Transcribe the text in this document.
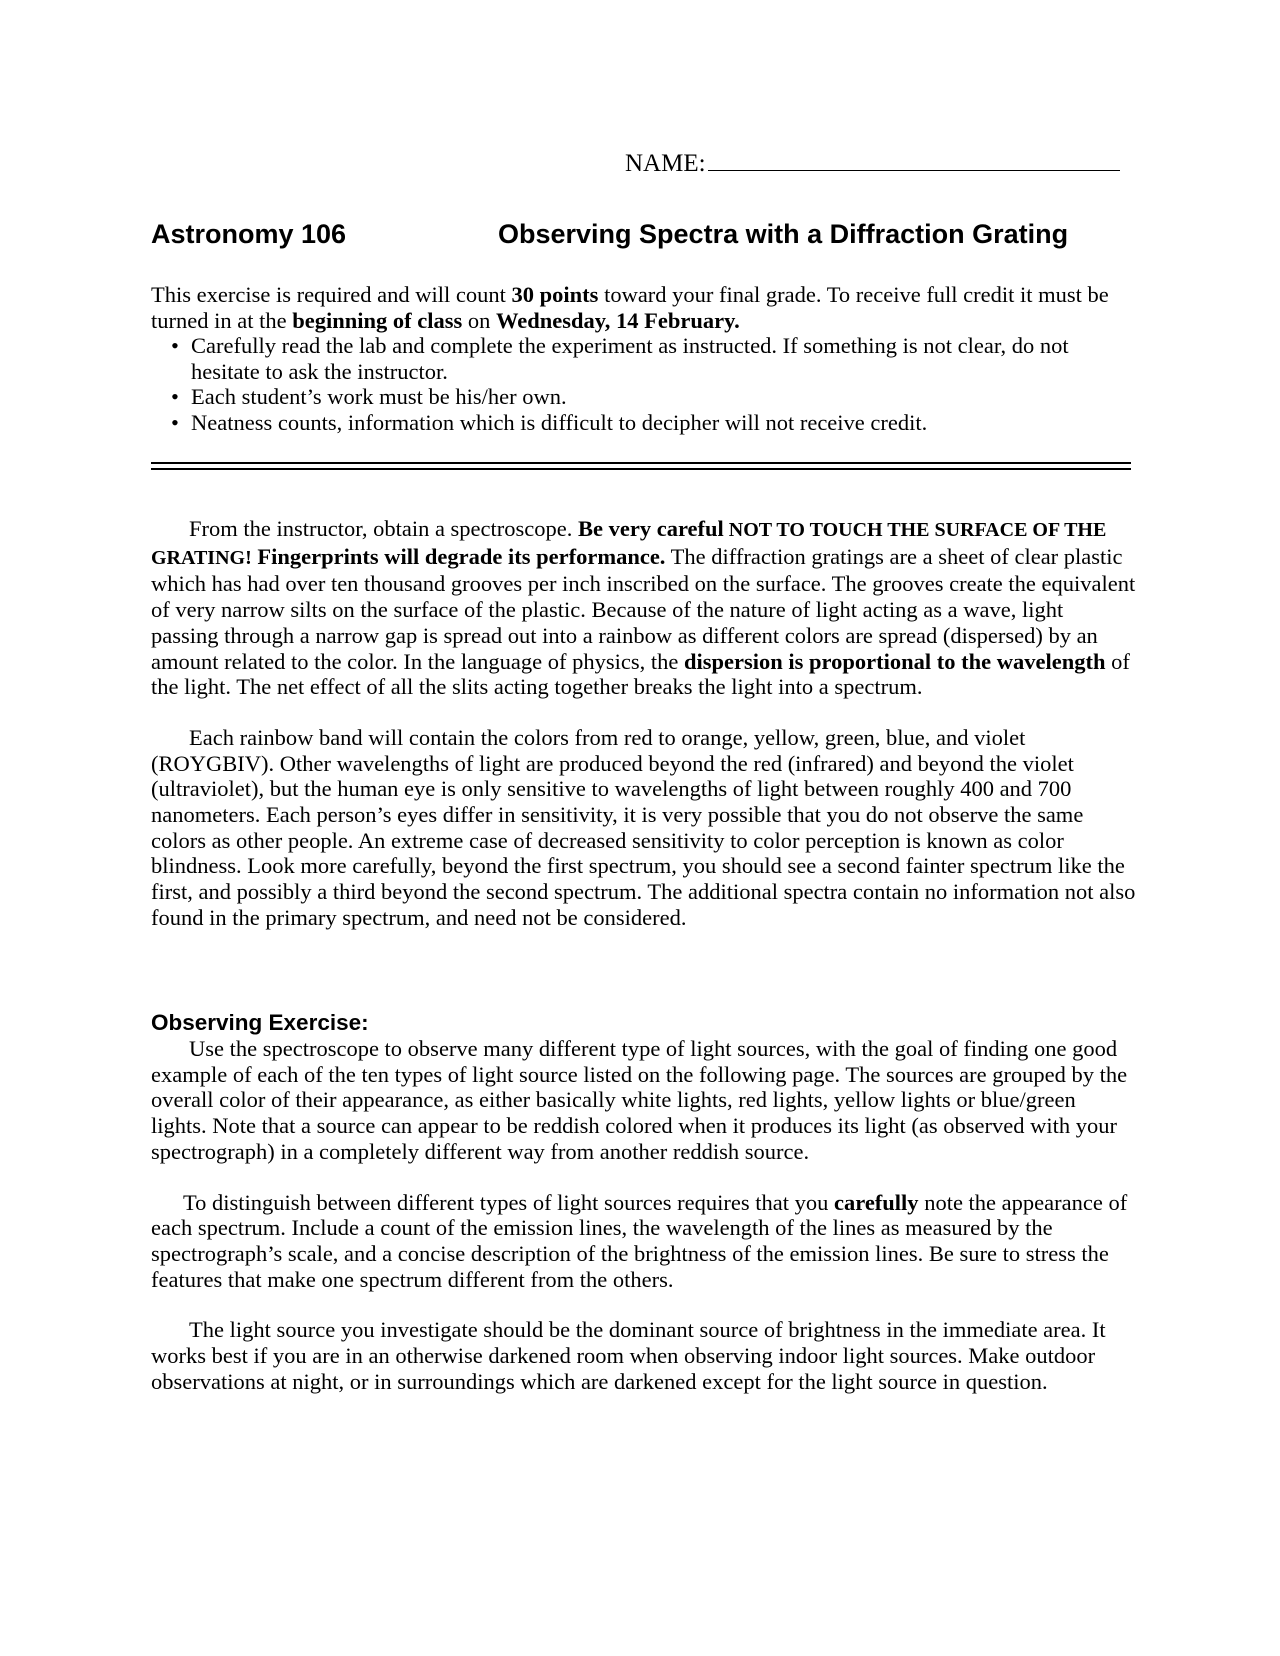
NAME:
Astronomy 106	Observing Spectra with a Diffraction Grating

This exercise is required and will count 30 points toward your final grade. To receive full credit it must be turned in at the beginning of class on Wednesday, 14 February.

• Carefully read the lab and complete the experiment as instructed. If something is not clear, do not hesitate to ask the instructor.
• Each student’s work must be his/her own.
• Neatness counts, information which is difficult to decipher will not receive credit.

From the instructor, obtain a spectroscope. Be very careful NOT TO TOUCH THE SURFACE OF THE GRATING! Fingerprints will degrade its performance. The diffraction gratings are a sheet of clear plastic which has had over ten thousand grooves per inch inscribed on the surface. The grooves create the equivalent of very narrow silts on the surface of the plastic. Because of the nature of light acting as a wave, light passing through a narrow gap is spread out into a rainbow as different colors are spread (dispersed) by an amount related to the color. In the language of physics, the dispersion is proportional to the wavelength of the light. The net effect of all the slits acting together breaks the light into a spectrum.

Each rainbow band will contain the colors from red to orange, yellow, green, blue, and violet (ROYGBIV). Other wavelengths of light are produced beyond the red (infrared) and beyond the violet (ultraviolet), but the human eye is only sensitive to wavelengths of light between roughly 400 and 700 nanometers. Each person’s eyes differ in sensitivity, it is very possible that you do not observe the same colors as other people. An extreme case of decreased sensitivity to color perception is known as color blindness. Look more carefully, beyond the first spectrum, you should see a second fainter spectrum like the first, and possibly a third beyond the second spectrum. The additional spectra contain no information not also found in the primary spectrum, and need not be considered.

Observing Exercise:

Use the spectroscope to observe many different type of light sources, with the goal of finding one good example of each of the ten types of light source listed on the following page. The sources are grouped by the overall color of their appearance, as either basically white lights, red lights, yellow lights or blue/green lights. Note that a source can appear to be reddish colored when it produces its light (as observed with your spectrograph) in a completely different way from another reddish source.

To distinguish between different types of light sources requires that you carefully note the appearance of each spectrum. Include a count of the emission lines, the wavelength of the lines as measured by the spectrograph’s scale, and a concise description of the brightness of the emission lines. Be sure to stress the features that make one spectrum different from the others.

The light source you investigate should be the dominant source of brightness in the immediate area. It works best if you are in an otherwise darkened room when observing indoor light sources. Make outdoor observations at night, or in surroundings which are darkened except for the light source in question.
